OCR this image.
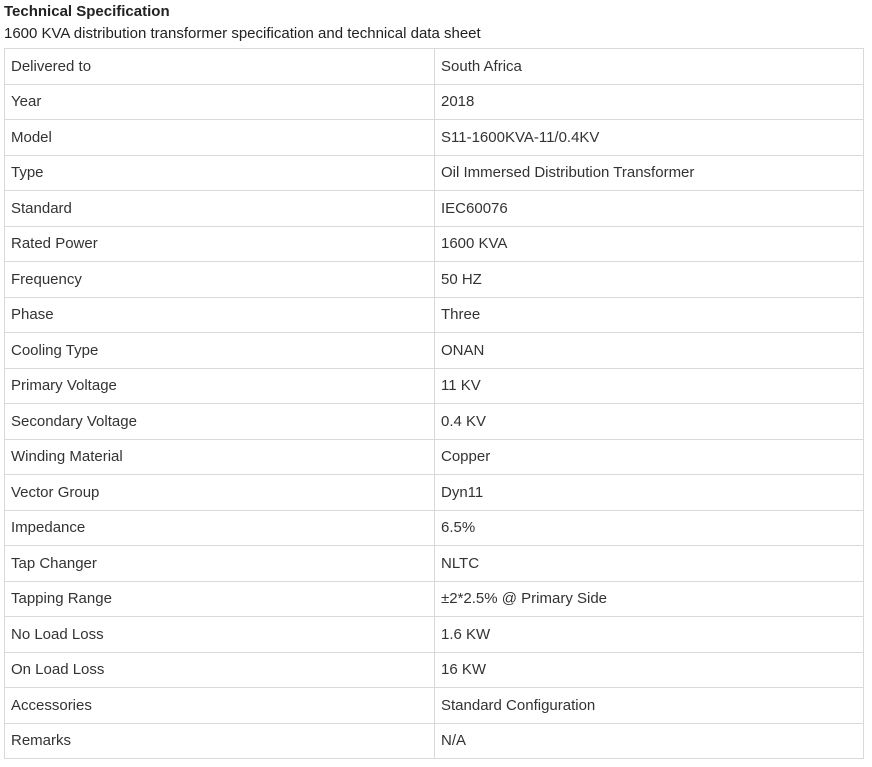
Technical Specification
1600 KVA distribution transformer specification and technical data sheet
Delivered to	South Africa
Year	2018
Model	S11-1600KVA-11/0.4KV
Type	Oil Immersed Distribution Transformer
Standard	IEC60076
Rated Power	1600 KVA
Frequency	50 HZ
Phase	Three
Cooling Type	ONAN
Primary Voltage	11 KV
Secondary Voltage	0.4 KV
Winding Material	Copper
Vector Group	Dyn11
Impedance	6.5%
Tap Changer	NLTC
Tapping Range	±2*2.5% @ Primary Side
No Load Loss	1.6 KW
On Load Loss	16 KW
Accessories	Standard Configuration
Remarks	N/A
